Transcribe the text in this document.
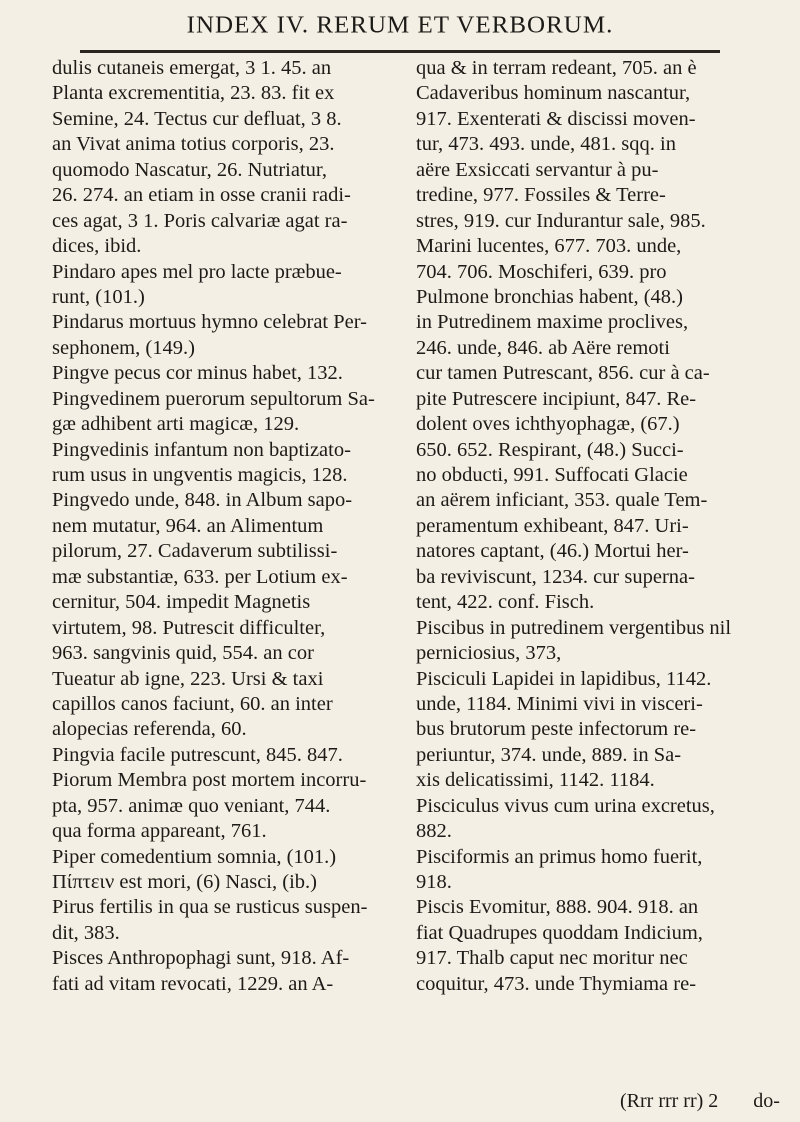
INDEX IV. RERUM ET VERBORUM.
dulis cutaneis emergat, 3 1. 45. an
Planta excrementitia, 23. 83. fit ex
Semine, 24. Tectus cur defluat, 3 8.
an Vivat anima totius corporis, 23.
quomodo Nascatur, 26. Nutriatur,
26. 274. an etiam in osse cranii radi-
ces agat, 3 1. Poris calvariæ agat ra-
dices, ibid.
Pindaro apes mel pro lacte præbue-
runt, (101.)
Pindarus mortuus hymno celebrat Per-
sephonem, (149.)
Pingve pecus cor minus habet, 132.
Pingvedinem puerorum sepultorum Sa-
gæ adhibent arti magicæ, 129.
Pingvedinis infantum non baptizato-
rum usus in ungventis magicis, 128.
Pingvedo unde, 848. in Album sapo-
nem mutatur, 964. an Alimentum
pilorum, 27. Cadaverum subtilissi-
mæ substantiæ, 633. per Lotium ex-
cernitur, 504. impedit Magnetis
virtutem, 98. Putrescit difficulter,
963. sangvinis quid, 554. an cor
Tueatur ab igne, 223. Ursi & taxi
capillos canos faciunt, 60. an inter
alopecias referenda, 60.
Pingvia facile putrescunt, 845. 847.
Piorum Membra post mortem incorru-
pta, 957. animæ quo veniant, 744.
qua forma appareant, 761.
Piper comedentium somnia, (101.)
Πίπτειν est mori, (6) Nasci, (ib.)
Pirus fertilis in qua se rusticus suspen-
dit, 383.
Pisces Anthropophagi sunt, 918. Af-
fati ad vitam revocati, 1229. an A-
qua & in terram redeant, 705. an è
Cadaveribus hominum nascantur,
917. Exenterati & discissi moven-
tur, 473. 493. unde, 481. sqq. in
aëre Exsiccati servantur à pu-
tredine, 977. Fossiles & Terre-
stres, 919. cur Indurantur sale, 985.
Marini lucentes, 677. 703. unde,
704. 706. Moschiferi, 639. pro
Pulmone bronchias habent, (48.)
in Putredinem maxime proclives,
246. unde, 846. ab Aëre remoti
cur tamen Putrescant, 856. cur à ca-
pite Putrescere incipiunt, 847. Re-
dolent oves ichthyophagæ, (67.)
650. 652. Respirant, (48.) Succi-
no obducti, 991. Suffocati Glacie
an aërem inficiant, 353. quale Tem-
peramentum exhibeant, 847. Uri-
natores captant, (46.) Mortui her-
ba reviviscunt, 1234. cur superna-
tent, 422. conf. Fisch.
Piscibus in putredinem vergentibus nil
perniciosius, 373,
Pisciculi Lapidei in lapidibus, 1142.
unde, 1184. Minimi vivi in visceri-
bus brutorum peste infectorum re-
periuntur, 374. unde, 889. in Sa-
xis delicatissimi, 1142. 1184.
Pisciculus vivus cum urina excretus,
882.
Pisciformis an primus homo fuerit,
918.
Piscis Evomitur, 888. 904. 918. an
fiat Quadrupes quoddam Indicium,
917. Thalb caput nec moritur nec
coquitur, 473. unde Thymiama re-
(Rrr rrr rr) 2 do-
